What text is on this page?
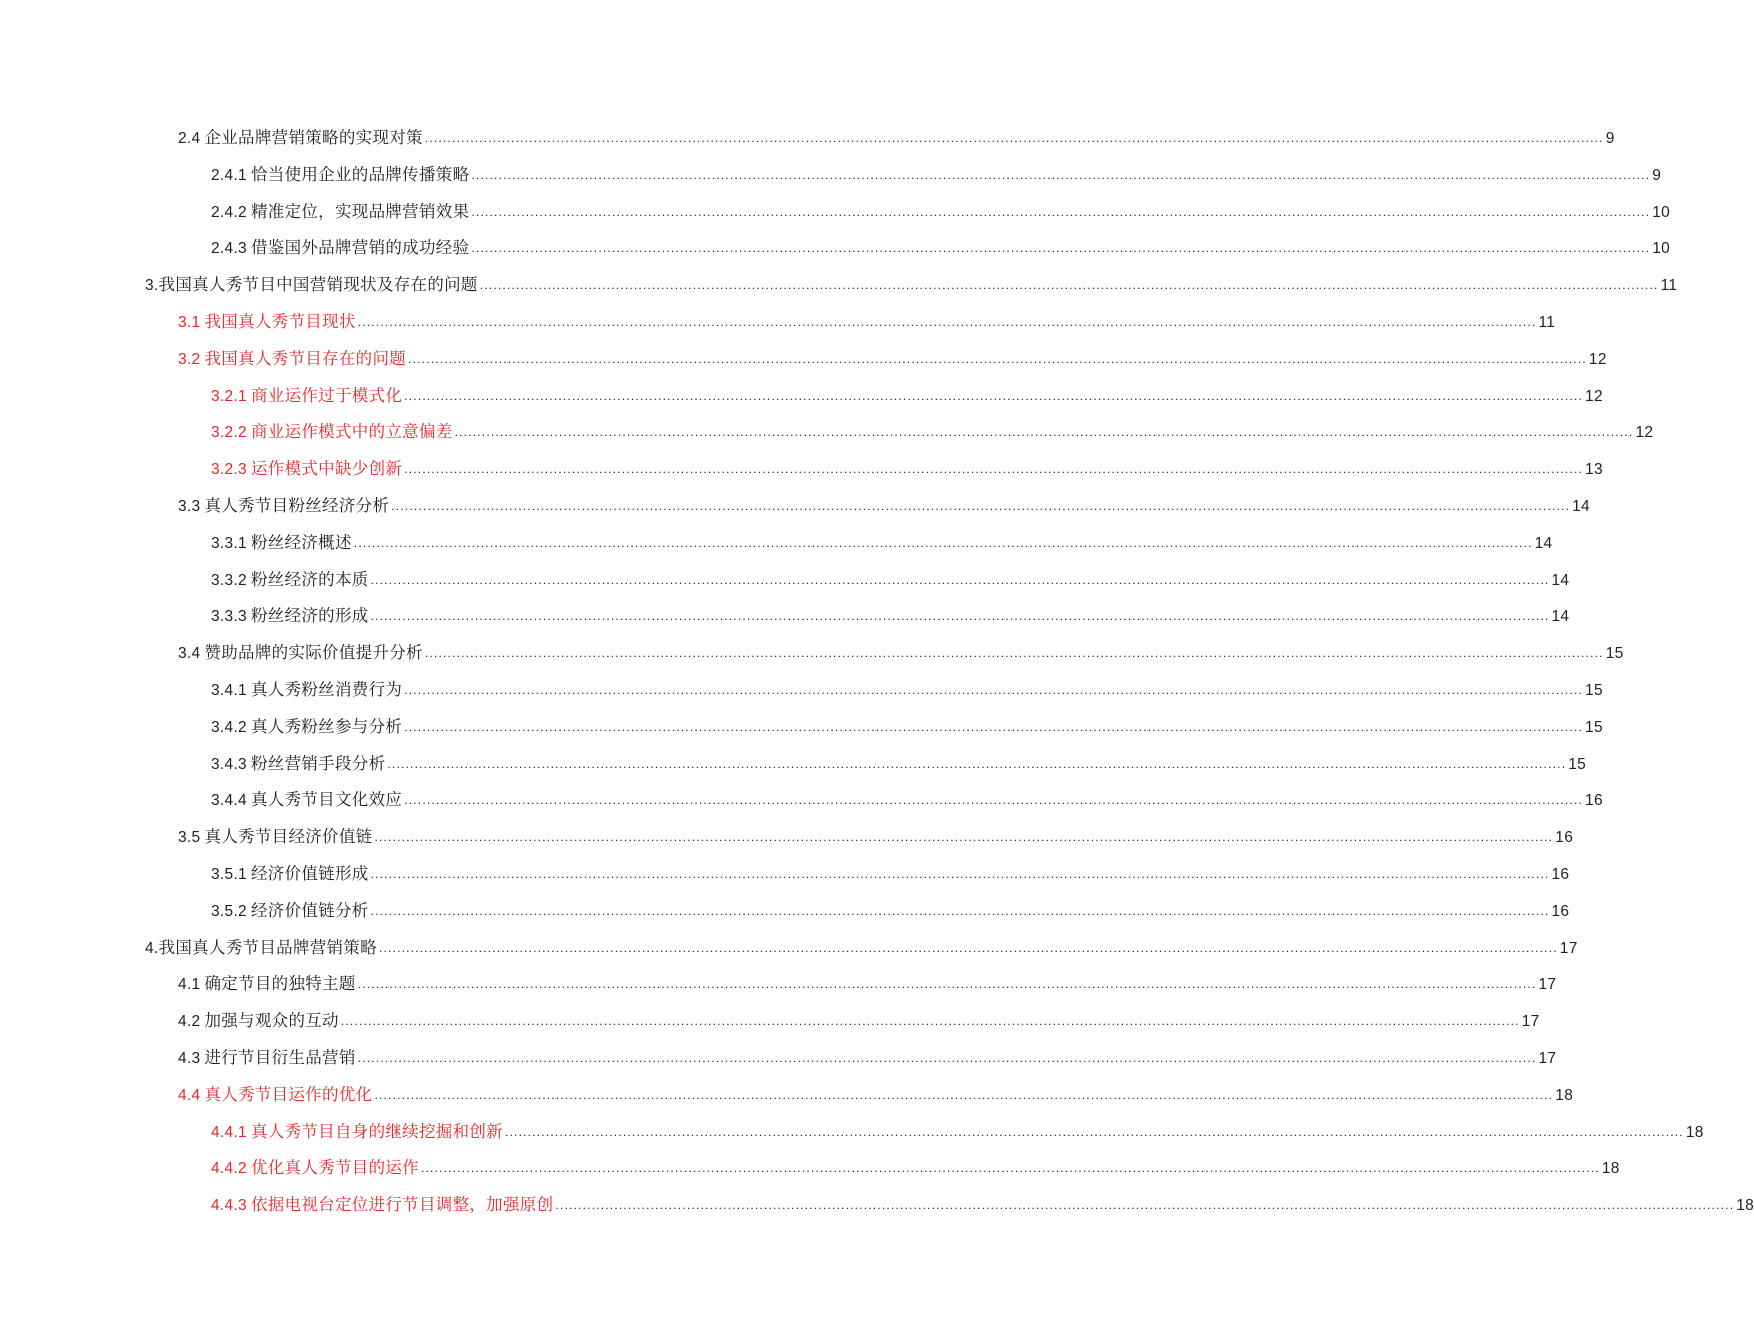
2.4 企业品牌营销策略的实现对策 .................................................................................................................................................................................................................................................................... 9
2.4.1 恰当使用企业的品牌传播策略 .................................................................................................................................................................................................................................................................... 9
2.4.2 精准定位，实现品牌营销效果 .................................................................................................................................................................................................................................................................... 10
2.4.3 借鉴国外品牌营销的成功经验 .................................................................................................................................................................................................................................................................... 10
3.我国真人秀节目中国营销现状及存在的问题 .................................................................................................................................................................................................................................................................... 11
3.1 我国真人秀节目现状 .................................................................................................................................................................................................................................................................... 11
3.2 我国真人秀节目存在的问题 .................................................................................................................................................................................................................................................................... 12
3.2.1 商业运作过于模式化 .................................................................................................................................................................................................................................................................... 12
3.2.2 商业运作模式中的立意偏差 .................................................................................................................................................................................................................................................................... 12
3.2.3 运作模式中缺少创新 .................................................................................................................................................................................................................................................................... 13
3.3 真人秀节目粉丝经济分析 .................................................................................................................................................................................................................................................................... 14
3.3.1 粉丝经济概述 .................................................................................................................................................................................................................................................................... 14
3.3.2 粉丝经济的本质 .................................................................................................................................................................................................................................................................... 14
3.3.3 粉丝经济的形成 .................................................................................................................................................................................................................................................................... 14
3.4 赞助品牌的实际价值提升分析 .................................................................................................................................................................................................................................................................... 15
3.4.1 真人秀粉丝消费行为 .................................................................................................................................................................................................................................................................... 15
3.4.2 真人秀粉丝参与分析 .................................................................................................................................................................................................................................................................... 15
3.4.3 粉丝营销手段分析 .................................................................................................................................................................................................................................................................... 15
3.4.4 真人秀节目文化效应 .................................................................................................................................................................................................................................................................... 16
3.5 真人秀节目经济价值链 .................................................................................................................................................................................................................................................................... 16
3.5.1 经济价值链形成 .................................................................................................................................................................................................................................................................... 16
3.5.2 经济价值链分析 .................................................................................................................................................................................................................................................................... 16
4.我国真人秀节目品牌营销策略 .................................................................................................................................................................................................................................................................... 17
4.1 确定节目的独特主题 .................................................................................................................................................................................................................................................................... 17
4.2 加强与观众的互动 .................................................................................................................................................................................................................................................................... 17
4.3 进行节目衍生品营销 .................................................................................................................................................................................................................................................................... 17
4.4 真人秀节目运作的优化 .................................................................................................................................................................................................................................................................... 18
4.4.1 真人秀节目自身的继续挖掘和创新 .................................................................................................................................................................................................................................................................... 18
4.4.2 优化真人秀节目的运作 .................................................................................................................................................................................................................................................................... 18
4.4.3 依据电视台定位进行节目调整，加强原创 .................................................................................................................................................................................................................................................................... 18
